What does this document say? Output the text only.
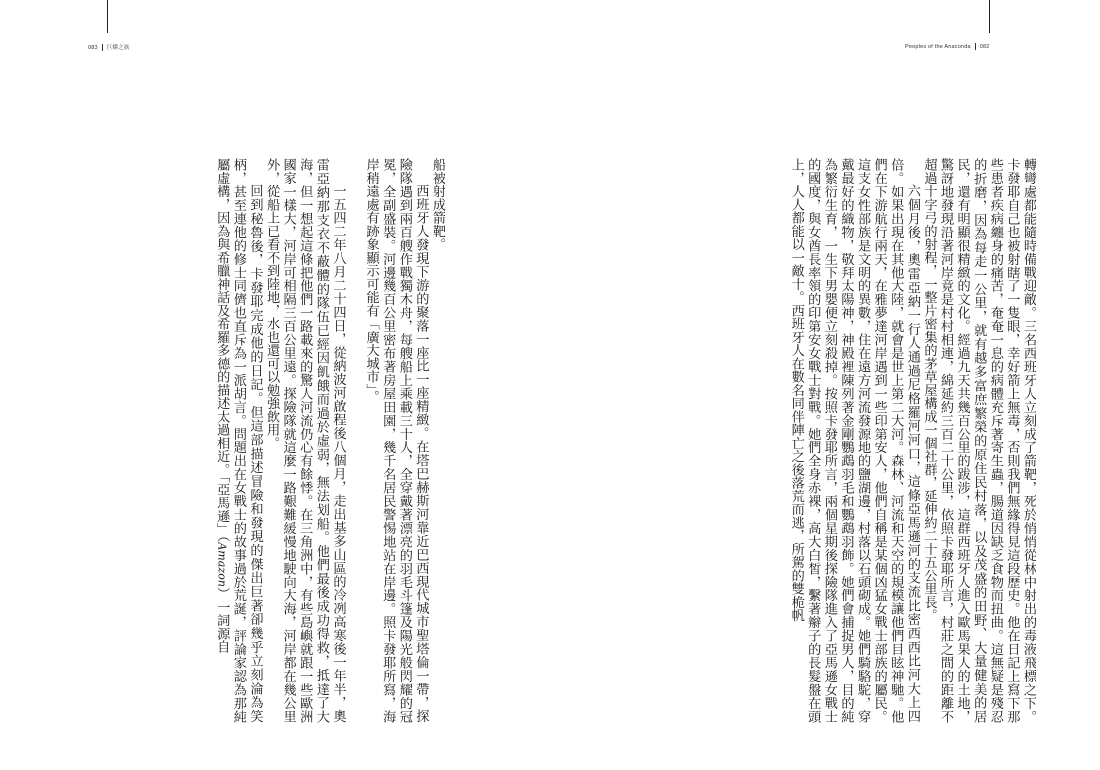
083 巨蟒之族	Peoples of the Anaconda 082

轉彎處都能隨時備戰迎敵。三名西班牙人立刻成了箭靶，死於悄悄從林中射出的毒液飛標之下。卡發耶自己也被射瞎了一隻眼，幸好箭上無毒，否則我們無緣得見這段歷史。他在日記上寫下那些患者疾病纏身的痛苦，奄奄一息的病體充斥著寄生蟲，腸道因缺乏食物而扭曲。這無疑是殘忍的折磨，因為每走一公里，就有越多富庶繁榮的原住民村落，以及茂盛的田野、大量健美的居民，還有明顯很精緻的文化。經過九天共幾百公里的跋涉，這群西班牙人進入歐馬果人的土地，驚訝地發現沿著河岸竟是村村相連，綿延約三百二十公里，依照卡發耶所言，村莊之間的距離不超過十字弓的射程，一整片密集的茅草屋構成一個社群，延伸約二十五公里長。

六個月後，奧雷亞納一行人通過尼格羅河河口，這條亞馬遜河的支流比密西西比河大上四倍。如果出現在其他大陸，就會是世上第二大河。森林、河流和天空的規模讓他們目眩神馳。他們在下游航行兩天，在雅夢達河岸遇到一些印第安人，他們自稱是某個凶猛女戰士部族的屬民。這支女性部族是文明的異數，住在遠方河流發源地的鹽湖邊，村落以石頭砌成。她們騎駱駝，穿戴最好的織物，敬拜太陽神，神殿裡陳列著金剛鸚鵡羽毛和鸚鵡羽飾。她們會捕捉男人，目的純為繁衍生育，一生下男嬰便立刻殺掉。按照卡發耶所言，兩個星期後探險隊進入了亞馬遜女戰士的國度，與女酋長率領的印第安女戰士對戰。她們全身赤裸，高大白皙，繫著辮子的長髮盤在頭上，人人都能以一敵十。西班牙人在數名同伴陣亡之後落荒而逃，所駕的雙桅帆

船被射成箭靶。

西班牙人發現下游的聚落一座比一座精緻。在塔巴赫斯河靠近巴西現代城市聖塔倫一帶，探險隊遇到兩百艘作戰獨木舟，每艘船上乘載三十人，全穿戴著漂亮的羽毛斗篷及陽光般閃耀的冠冕，全副盛裝。河邊幾百公里密布著房屋田園，幾千名居民警惕地站在岸邊。照卡發耶所寫，海岸稍遠處有跡象顯示可能有「廣大城市」。

一五四二年八月二十四日，從納波河啟程後八個月，走出基多山區的冷冽高寒後一年半，奧雷亞納那支衣不蔽體的隊伍已經因飢餓而過於虛弱，無法划船。他們最後成功得救，抵達了大海，但一想起這條把他們一路載來的驚人河流仍心有餘悸。在三角洲中，有些島嶼就跟一些歐洲國家一樣大，河岸可相隔三百公里遠。探險隊就這麼一路艱難緩慢地駛向大海，河岸都在幾公里外，從船上已看不到陸地，水也還可以勉強飲用。

回到秘魯後，卡發耶完成他的日記。但這部描述冒險和發現的傑出巨著卻幾乎立刻淪為笑柄，甚至連他的修士同儕也直斥為一派胡言。問題出在女戰士的故事過於荒誕，評論家認為那純屬虛構，因為與希臘神話及希羅多德的描述太過相近。「亞馬遜」（Amazon）一詞源自
